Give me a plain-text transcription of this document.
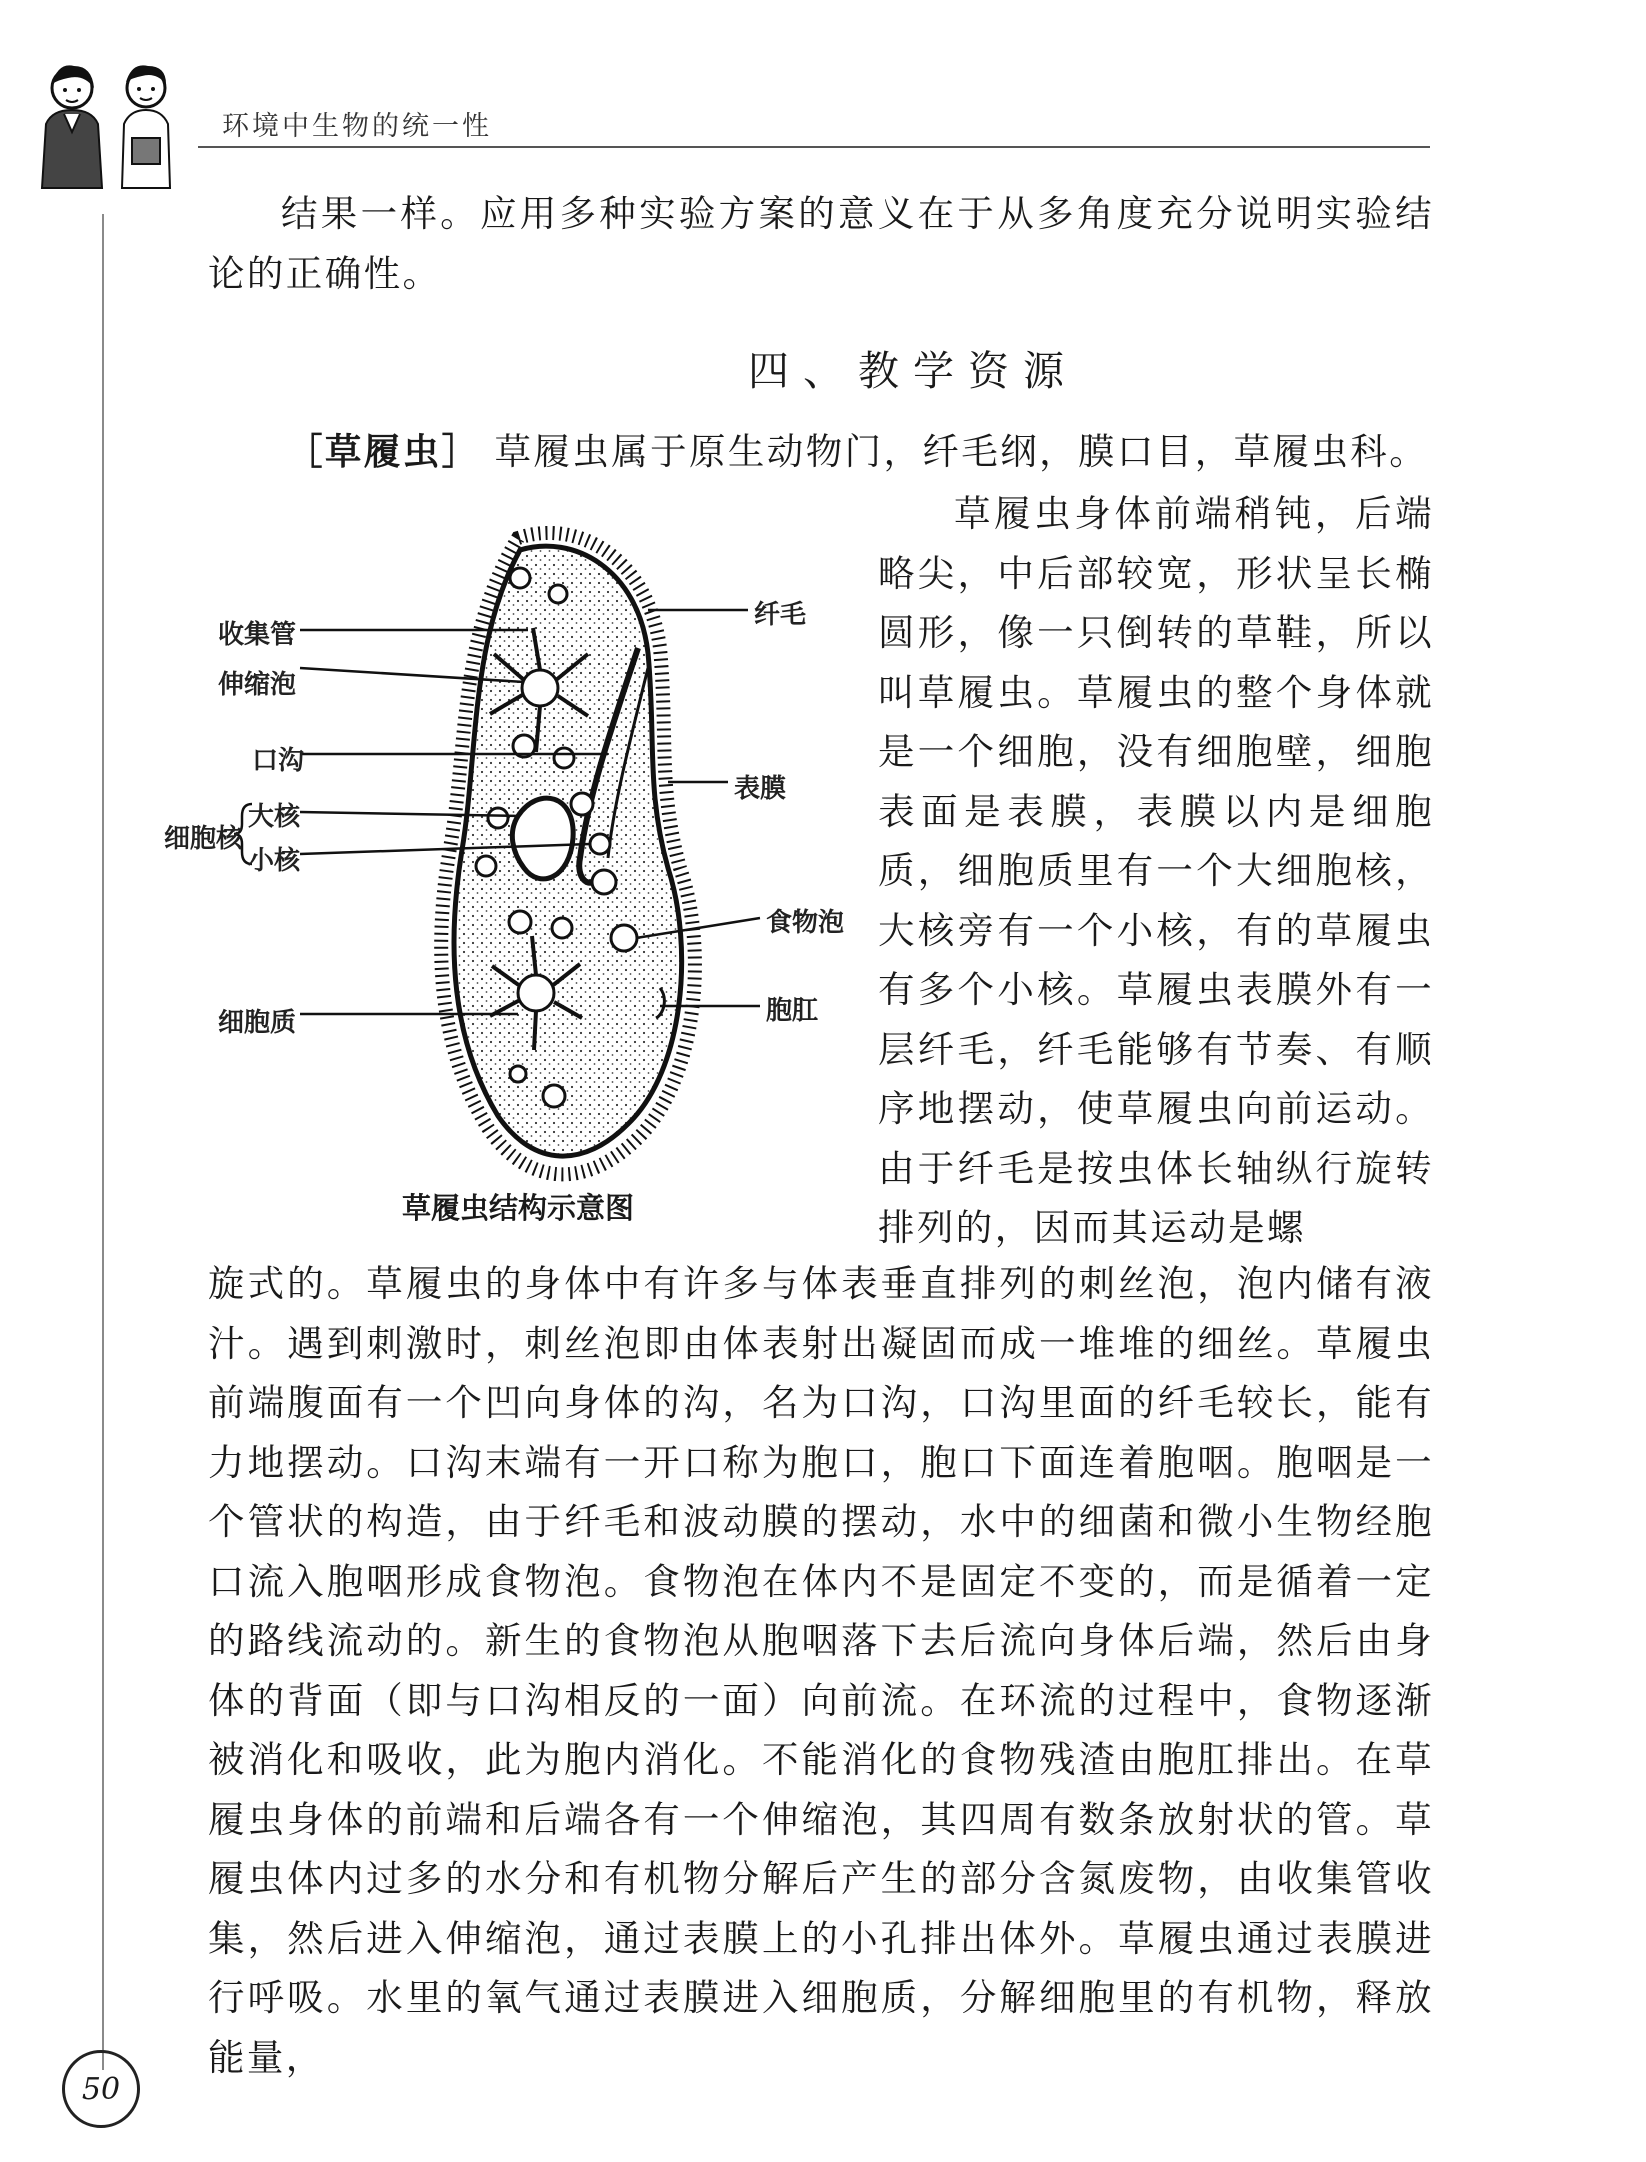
环境中生物的统一性
结果一样。应用多种实验方案的意义在于从多角度充分说明实验结论的正确性。
四、教学资源
［草履虫］ 草履虫属于原生动物门，纤毛纲，膜口目，草履虫科。
收集管
伸缩泡
口沟
细胞核
大核
小核
细胞质
纤毛
表膜
食物泡
胞肛
草履虫结构示意图
草履虫身体前端稍钝，后端略尖，中后部较宽，形状呈长椭圆形，像一只倒转的草鞋，所以叫草履虫。草履虫的整个身体就是一个细胞，没有细胞壁，细胞表面是表膜，表膜以内是细胞质，细胞质里有一个大细胞核，大核旁有一个小核，有的草履虫有多个小核。草履虫表膜外有一层纤毛，纤毛能够有节奏、有顺序地摆动，使草履虫向前运动。由于纤毛是按虫体长轴纵行旋转排列的，因而其运动是螺
旋式的。草履虫的身体中有许多与体表垂直排列的刺丝泡，泡内储有液汁。遇到刺激时，刺丝泡即由体表射出凝固而成一堆堆的细丝。草履虫前端腹面有一个凹向身体的沟，名为口沟，口沟里面的纤毛较长，能有力地摆动。口沟末端有一开口称为胞口，胞口下面连着胞咽。胞咽是一个管状的构造，由于纤毛和波动膜的摆动，水中的细菌和微小生物经胞口流入胞咽形成食物泡。食物泡在体内不是固定不变的，而是循着一定的路线流动的。新生的食物泡从胞咽落下去后流向身体后端，然后由身体的背面（即与口沟相反的一面）向前流。在环流的过程中，食物逐渐被消化和吸收，此为胞内消化。不能消化的食物残渣由胞肛排出。在草履虫身体的前端和后端各有一个伸缩泡，其四周有数条放射状的管。草履虫体内过多的水分和有机物分解后产生的部分含氮废物，由收集管收集，然后进入伸缩泡，通过表膜上的小孔排出体外。草履虫通过表膜进行呼吸。水里的氧气通过表膜进入细胞质，分解细胞里的有机物，释放能量，
50
